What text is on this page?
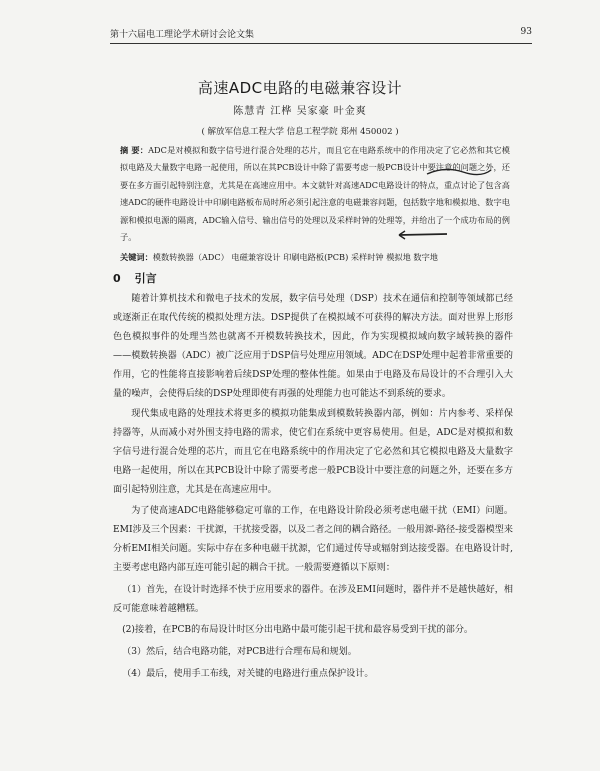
第十六届电工理论学术研讨会论文集	93
高速ADC电路的电磁兼容设计
陈慧青 江桦 吴家豪 叶金爽
( 解放军信息工程大学 信息工程学院 郑州 450002 )
摘 要：ADC是对模拟和数字信号进行混合处理的芯片，而且它在电路系统中的作用决定了它必然和其它模拟电路及大量数字电路一起使用，所以在其PCB设计中除了需要考虑一般PCB设计中要注意的问题之外，还要在多方面引起特别注意，尤其是在高速应用中。本文就针对高速ADC电路设计的特点，重点讨论了包含高速ADC的硬件电路设计中印刷电路板布局时所必须引起注意的电磁兼容问题，包括数字地和模拟地、数字电源和模拟电源的隔离，ADC输入信号、输出信号的处理以及采样时钟的处理等，并给出了一个成功布局的例子。
关键词：模数转换器（ADC） 电磁兼容设计 印刷电路板(PCB) 采样时钟 模拟地 数字地
0 引言

随着计算机技术和微电子技术的发展，数字信号处理（DSP）技术在通信和控制等领域都已经或逐渐正在取代传统的模拟处理方法。DSP提供了在模拟域不可获得的解决方法。面对世界上形形色色模拟事件的处理当然也就离不开模数转换技术，因此，作为实现模拟域向数字域转换的器件——模数转换器（ADC）被广泛应用于DSP信号处理应用领域。ADC在DSP处理中起着非常重要的作用，它的性能将直接影响着后续DSP处理的整体性能。如果由于电路及布局设计的不合理引入大量的噪声，会使得后续的DSP处理即使有再强的处理能力也可能达不到系统的要求。

现代集成电路的处理技术将更多的模拟功能集成到模数转换器内部，例如：片内参考、采样保持器等，从而减小对外围支持电路的需求，使它们在系统中更容易使用。但是，ADC是对模拟和数字信号进行混合处理的芯片，而且它在电路系统中的作用决定了它必然和其它模拟电路及大量数字电路一起使用，所以在其PCB设计中除了需要考虑一般PCB设计中要注意的问题之外，还要在多方面引起特别注意，尤其是在高速应用中。

为了使高速ADC电路能够稳定可靠的工作，在电路设计阶段必须考虑电磁干扰（EMI）问题。EMI涉及三个因素：干扰源，干扰接受器，以及二者之间的耦合路径。一般用源-路径-接受器模型来分析EMI相关问题。实际中存在多种电磁干扰源，它们通过传导或辐射到达接受器。在电路设计时,主要考虑电路内部互连可能引起的耦合干扰。一般需要遵循以下原则：

（1）首先，在设计时选择不快于应用要求的器件。在涉及EMI问题时，器件并不是越快越好，相反可能意味着越糟糕。

(2)接着，在PCB的布局设计时区分出电路中最可能引起干扰和最容易受到干扰的部分。

（3）然后，结合电路功能，对PCB进行合理布局和规划。

（4）最后，使用手工布线，对关键的电路进行重点保护设计。
